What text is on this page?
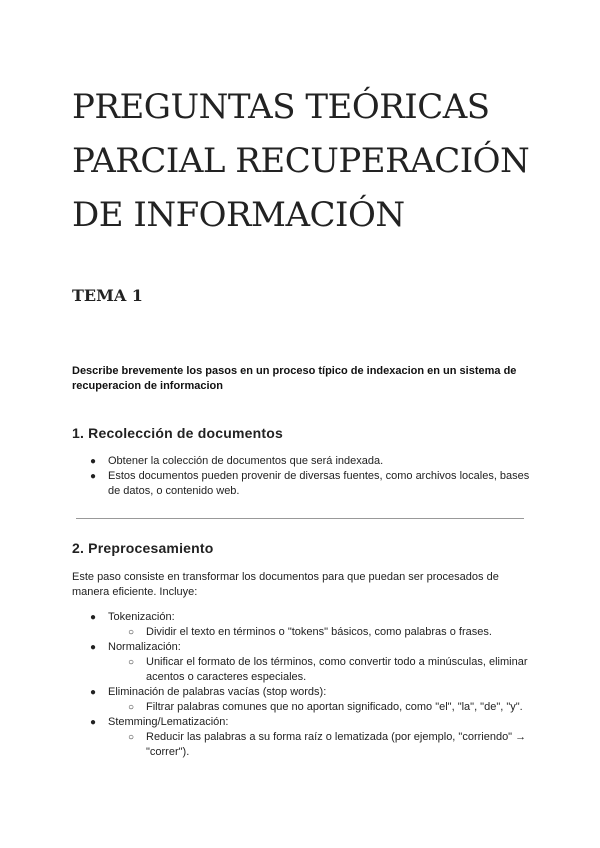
PREGUNTAS TEÓRICAS
PARCIAL RECUPERACIÓN
DE INFORMACIÓN
TEMA 1

Describe brevemente los pasos en un proceso típico de indexacion en un sistema de recuperacion de informacion

1. Recolección de documentos
● Obtener la colección de documentos que será indexada.
● Estos documentos pueden provenir de diversas fuentes, como archivos locales, bases de datos, o contenido web.
2. Preprocesamiento

Este paso consiste en transformar los documentos para que puedan ser procesados de manera eficiente. Incluye:

● Tokenización:
○ Dividir el texto en términos o "tokens" básicos, como palabras o frases.
● Normalización:
○ Unificar el formato de los términos, como convertir todo a minúsculas, eliminar acentos o caracteres especiales.
● Eliminación de palabras vacías (stop words):
○ Filtrar palabras comunes que no aportan significado, como "el", "la", "de", "y".
● Stemming/Lematización:
○ Reducir las palabras a su forma raíz o lematizada (por ejemplo, "corriendo" → "correr").
